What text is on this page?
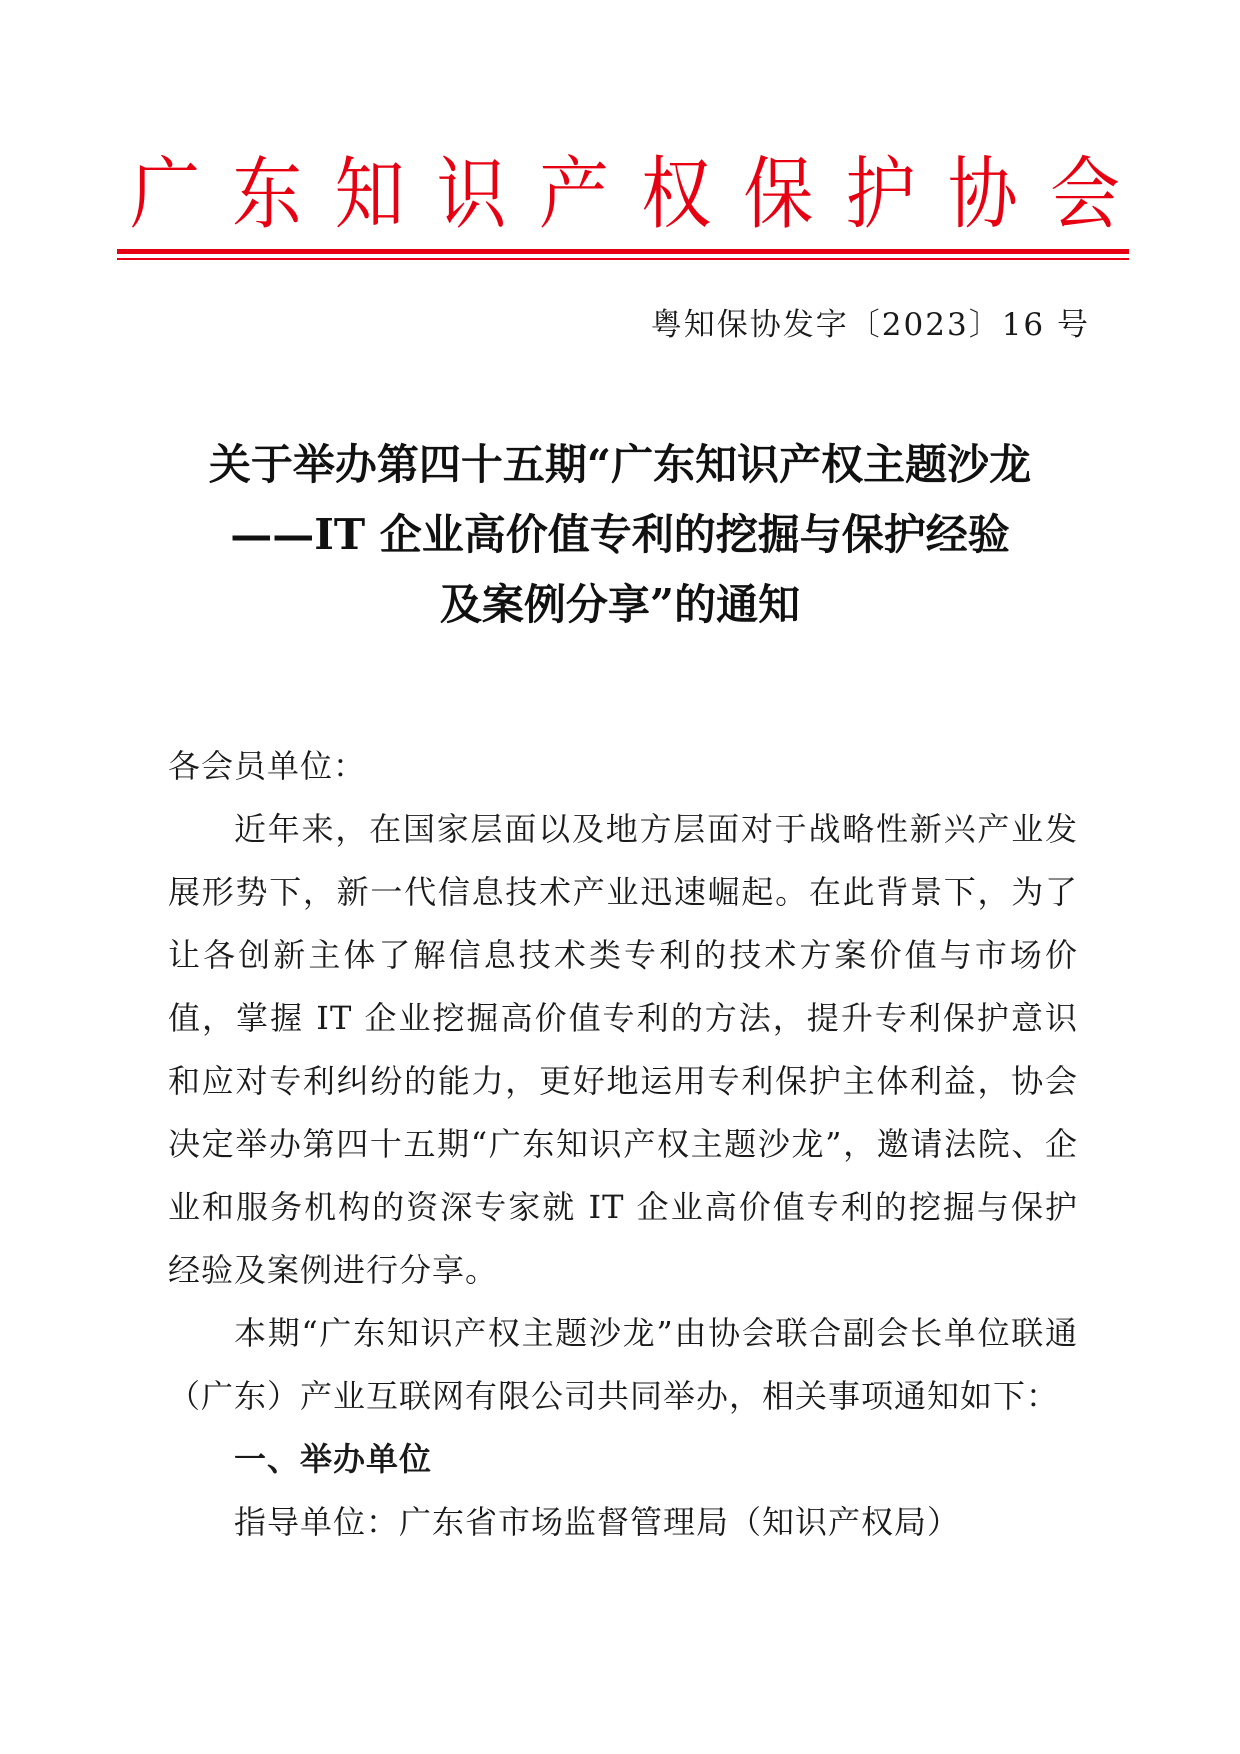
广 东 知 识 产 权 保 护 协 会
粤知保协发字〔2023〕16 号
关于举办第四十五期“广东知识产权主题沙龙
——IT 企业高价值专利的挖掘与保护经验
及案例分享”的通知

各会员单位：

近年来，在国家层面以及地方层面对于战略性新兴产业发展形势下，新一代信息技术产业迅速崛起。在此背景下，为了让各创新主体了解信息技术类专利的技术方案价值与市场价值，掌握 IT 企业挖掘高价值专利的方法，提升专利保护意识和应对专利纠纷的能力，更好地运用专利保护主体利益，协会决定举办第四十五期“广东知识产权主题沙龙”，邀请法院、企业和服务机构的资深专家就 IT 企业高价值专利的挖掘与保护经验及案例进行分享。

本期“广东知识产权主题沙龙”由协会联合副会长单位联通（广东）产业互联网有限公司共同举办，相关事项通知如下：

一、举办单位

指导单位：广东省市场监督管理局（知识产权局）
